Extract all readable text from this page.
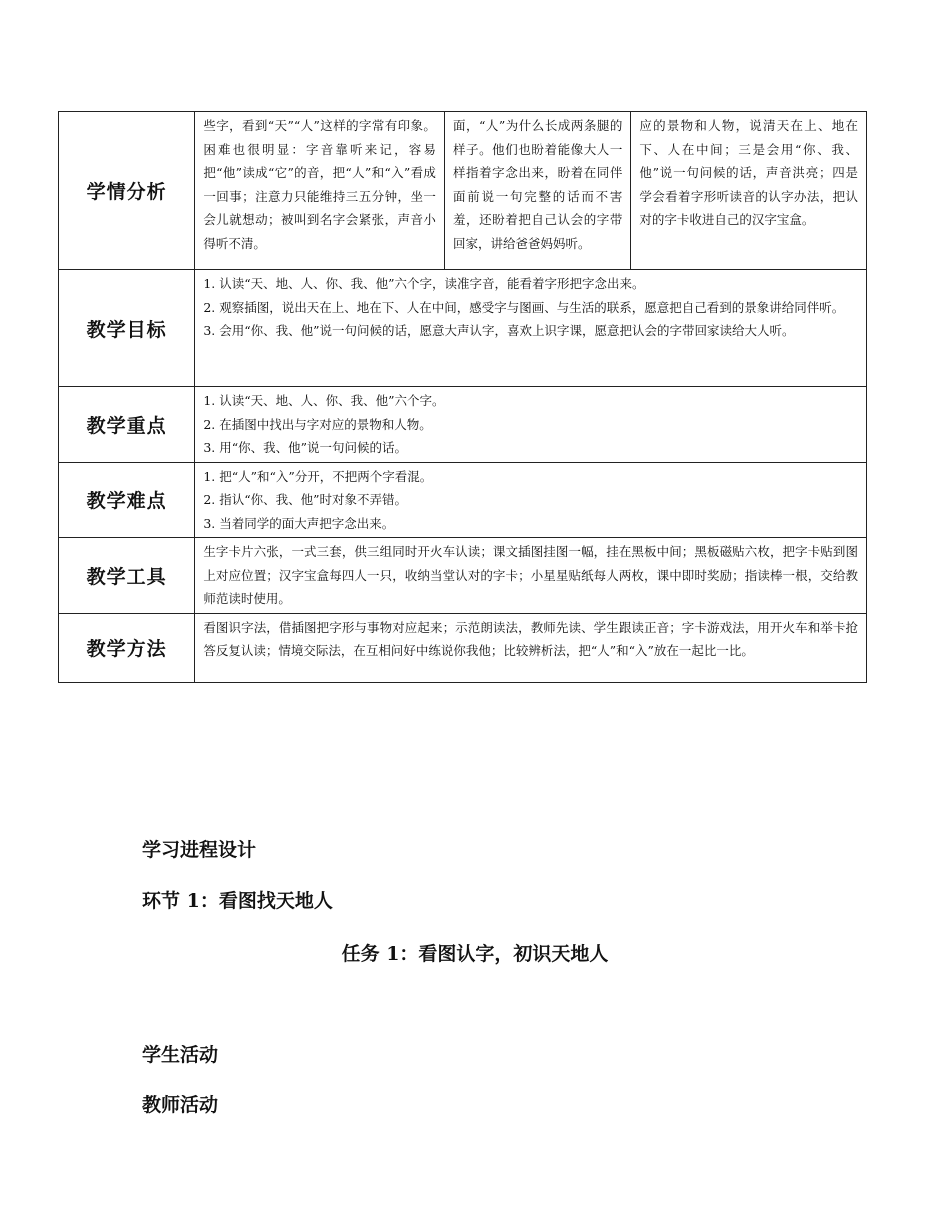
学情分析	些字，看到“天”“人”这样的字常有印象。困难也很明显：字音靠听来记，容易把“他”读成“它”的音，把“人”和“入”看成一回事；注意力只能维持三五分钟，坐一会儿就想动；被叫到名字会紧张，声音小得听不清。	面，“人”为什么长成两条腿的样子。他们也盼着能像大人一样指着字念出来，盼着在同伴面前说一句完整的话而不害羞，还盼着把自己认会的字带回家，讲给爸爸妈妈听。	应的景物和人物，说清天在上、地在下、人在中间；三是会用“你、我、他”说一句问候的话，声音洪亮；四是学会看着字形听读音的认字办法，把认对的字卡收进自己的汉字宝盒。

教学目标	1. 认读“天、地、人、你、我、他”六个字，读准字音，能看着字形把字念出来。

2. 观察插图，说出天在上、地在下、人在中间，感受字与图画、与生活的联系，愿意把自己看到的景象讲给同伴听。

3. 会用“你、我、他”说一句问候的话，愿意大声认字，喜欢上识字课，愿意把认会的字带回家读给大人听。		

教学重点	1. 认读“天、地、人、你、我、他”六个字。

2. 在插图中找出与字对应的景物和人物。

3. 用“你、我、他”说一句问候的话。		

教学难点	1. 把“人”和“入”分开，不把两个字看混。

2. 指认“你、我、他”时对象不弄错。

3. 当着同学的面大声把字念出来。		

教学工具	生字卡片六张，一式三套，供三组同时开火车认读；课文插图挂图一幅，挂在黑板中间；黑板磁贴六枚，把字卡贴到图上对应位置；汉字宝盒每四人一只，收纳当堂认对的字卡；小星星贴纸每人两枚，课中即时奖励；指读棒一根，交给教师范读时使用。		

教学方法	看图识字法，借插图把字形与事物对应起来；示范朗读法，教师先读、学生跟读正音；字卡游戏法，用开火车和举卡抢答反复认读；情境交际法，在互相问好中练说你我他；比较辨析法，把“人”和“入”放在一起比一比。		
学习进程设计
环节 1：看图找天地人
任务 1：看图认字，初识天地人
学生活动
教师活动
